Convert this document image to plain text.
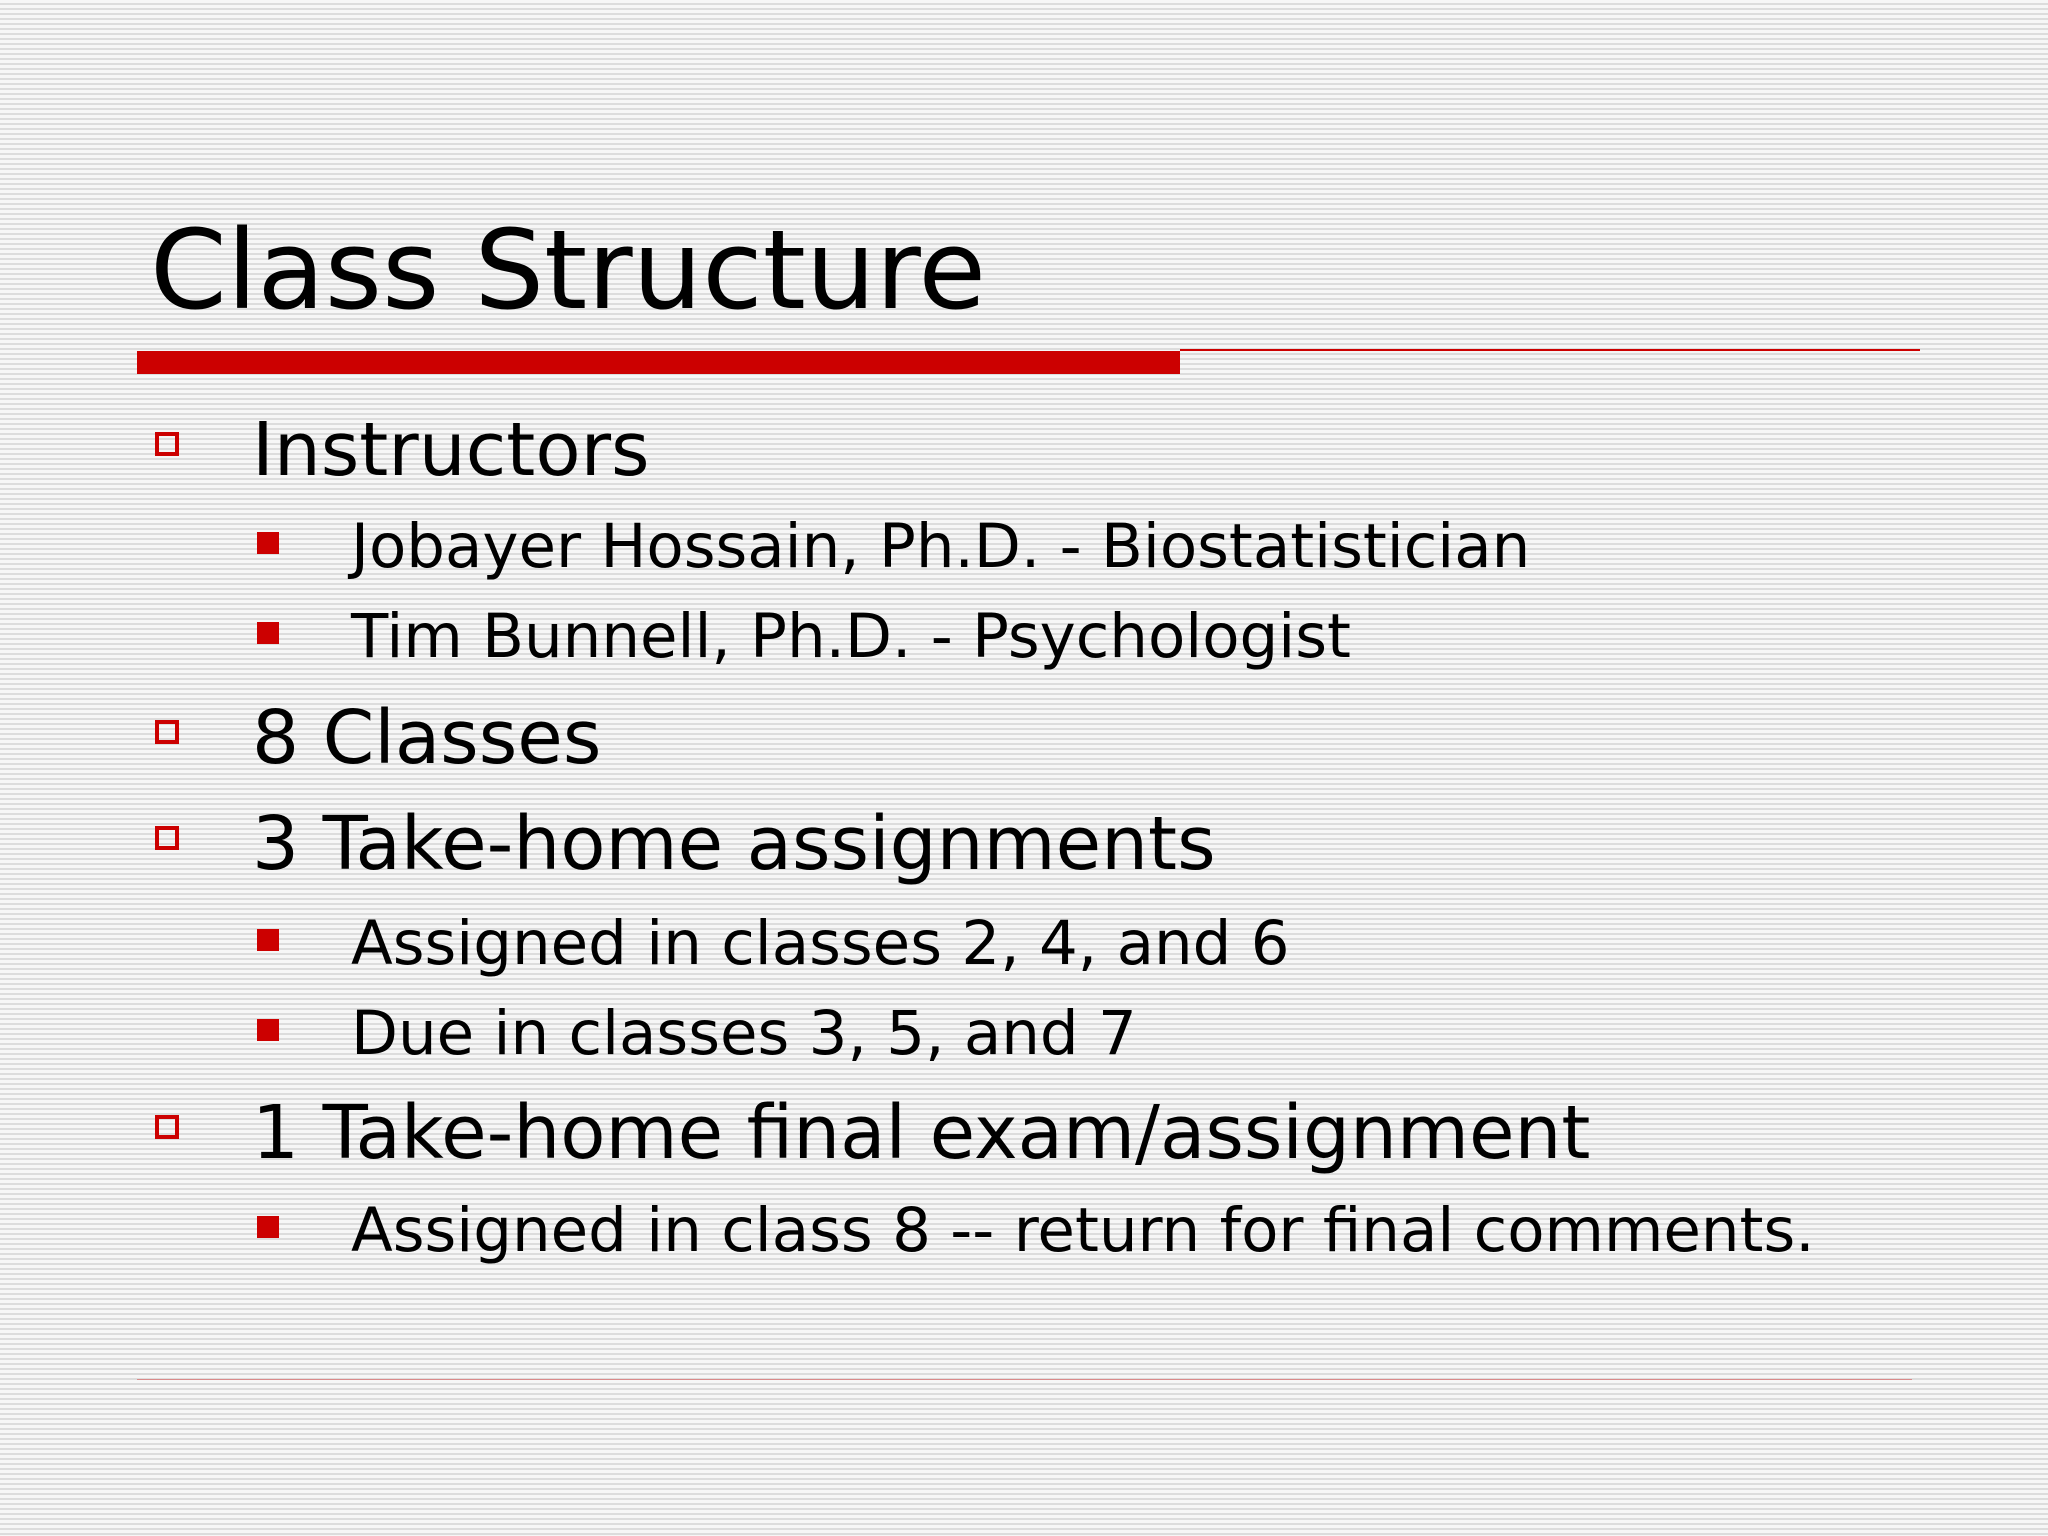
Class Structure
Instructors
Jobayer Hossain, Ph.D. - Biostatistician
Tim Bunnell, Ph.D. - Psychologist
8 Classes
3 Take-home assignments
Assigned in classes 2, 4, and 6
Due in classes 3, 5, and 7
1 Take-home final exam/assignment
Assigned in class 8 -- return for final comments.
